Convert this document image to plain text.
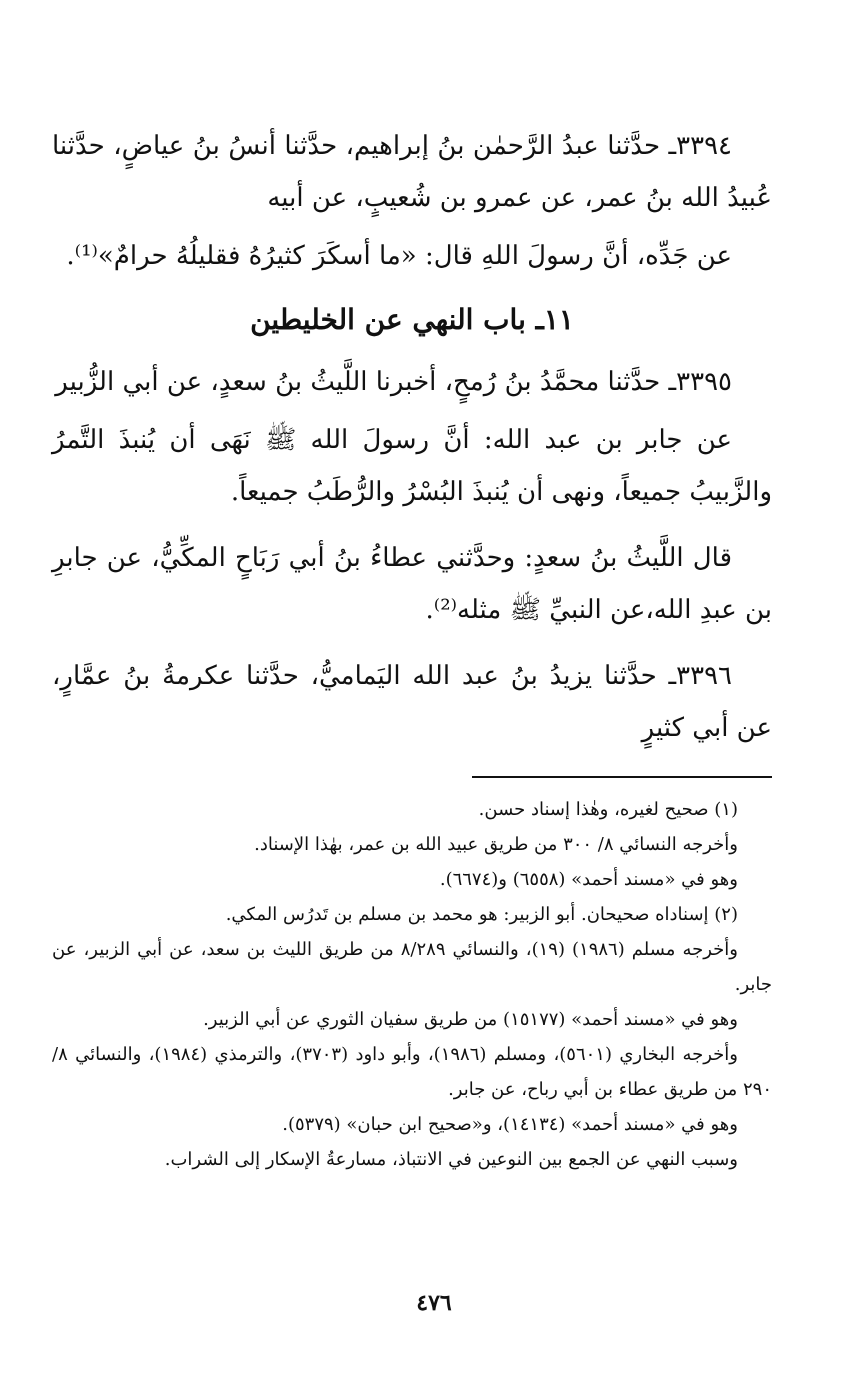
٣٣٩٤ـ حدَّثنا عبدُ الرَّحمٰن بنُ إبراهيم، حدَّثنا أنسُ بنُ عياضٍ، حدَّثنا عُبيدُ الله بنُ عمر، عن عمرو بن شُعيبٍ، عن أبيه

عن جَدِّه، أنَّ رسولَ اللهِ قال: «ما أسكَرَ كثيرُهُ فقليلُهُ حرامٌ»⁽¹⁾.

١١ـ باب النهي عن الخليطين

٣٣٩٥ـ حدَّثنا محمَّدُ بنُ رُمحٍ، أخبرنا اللَّيثُ بنُ سعدٍ، عن أبي الزُّبير

عن جابر بن عبد الله: أنَّ رسولَ الله ﷺ نَهَى أن يُنبذَ التَّمرُ والزَّبيبُ جميعاً، ونهى أن يُنبذَ البُسْرُ والرُّطَبُ جميعاً.

قال اللَّيثُ بنُ سعدٍ: وحدَّثني عطاءُ بنُ أبي رَبَاحٍ المكِّيُّ، عن جابرِ بن عبدِ الله،عن النبيِّ ﷺ مثله⁽²⁾.

٣٣٩٦ـ حدَّثنا يزيدُ بنُ عبد الله اليَماميُّ، حدَّثنا عكرمةُ بنُ عمَّارٍ، عن أبي كثيرٍ

(١) صحيح لغيره، وهٰذا إسناد حسن.

وأخرجه النسائي ٨/ ٣٠٠ من طريق عبيد الله بن عمر، بهٰذا الإسناد.

وهو في «مسند أحمد» (٦٥٥٨) و(٦٦٧٤).

(٢) إسناداه صحيحان. أبو الزبير: هو محمد بن مسلم بن تَدرُس المكي.

وأخرجه مسلم (١٩٨٦) (١٩)، والنسائي ٨/٢٨٩ من طريق الليث بن سعد، عن أبي الزبير، عن جابر.

وهو في «مسند أحمد» (١٥١٧٧) من طريق سفيان الثوري عن أبي الزبير.

وأخرجه البخاري (٥٦٠١)، ومسلم (١٩٨٦)، وأبو داود (٣٧٠٣)، والترمذي (١٩٨٤)، والنسائي ٨/ ٢٩٠ من طريق عطاء بن أبي رباح، عن جابر.

وهو في «مسند أحمد» (١٤١٣٤)، و«صحيح ابن حبان» (٥٣٧٩).

وسبب النهي عن الجمع بين النوعين في الانتباذ، مسارعةُ الإسكار إلى الشراب.

٤٧٦
